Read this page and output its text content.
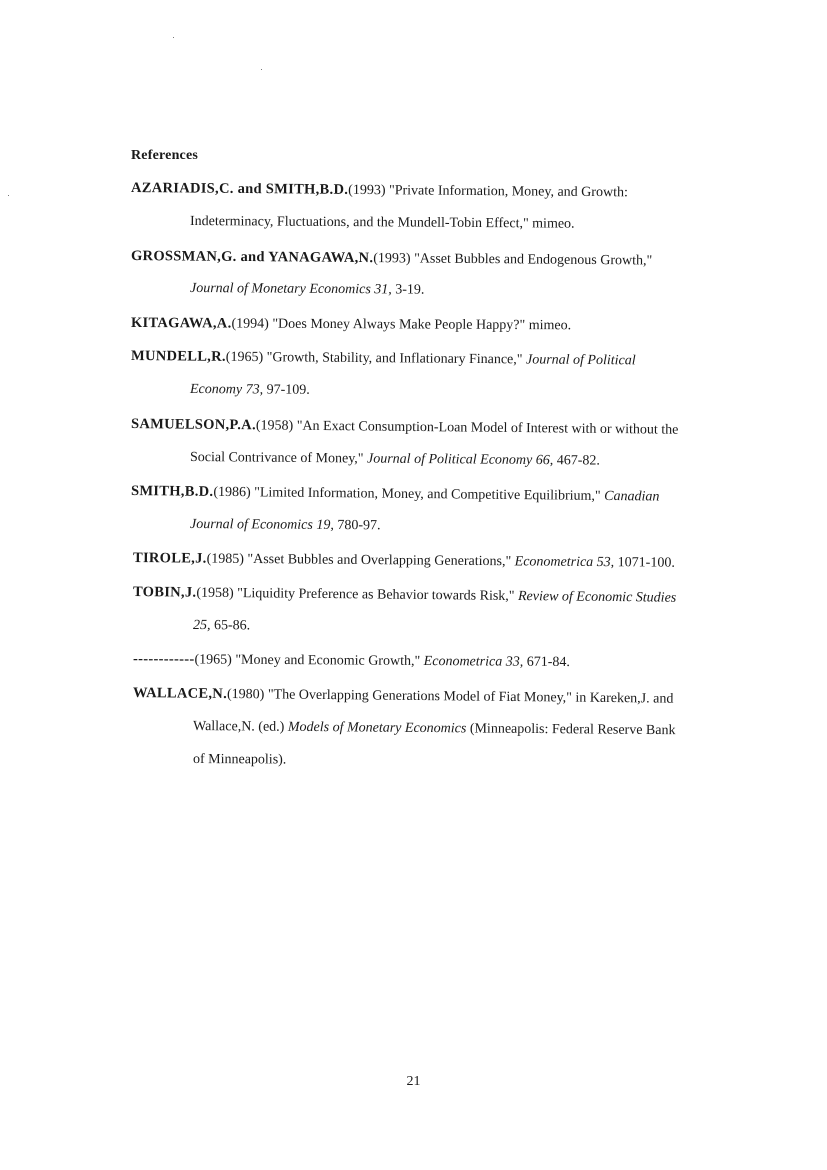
References
AZARIADIS,C. and SMITH,B.D.(1993) "Private Information, Money, and Growth:
Indeterminacy, Fluctuations, and the Mundell-Tobin Effect," mimeo.
GROSSMAN,G. and YANAGAWA,N.(1993) "Asset Bubbles and Endogenous Growth,"
Journal of Monetary Economics 31, 3-19.
KITAGAWA,A.(1994) "Does Money Always Make People Happy?" mimeo.
MUNDELL,R.(1965) "Growth, Stability, and Inflationary Finance," Journal of Political
Economy 73, 97-109.
SAMUELSON,P.A.(1958) "An Exact Consumption-Loan Model of Interest with or without the
Social Contrivance of Money," Journal of Political Economy 66, 467-82.
SMITH,B.D.(1986) "Limited Information, Money, and Competitive Equilibrium," Canadian
Journal of Economics 19, 780-97.
TIROLE,J.(1985) "Asset Bubbles and Overlapping Generations," Econometrica 53, 1071-100.
TOBIN,J.(1958) "Liquidity Preference as Behavior towards Risk," Review of Economic Studies
25, 65-86.
------------(1965) "Money and Economic Growth," Econometrica 33, 671-84.
WALLACE,N.(1980) "The Overlapping Generations Model of Fiat Money," in Kareken,J. and
Wallace,N. (ed.) Models of Monetary Economics (Minneapolis: Federal Reserve Bank
of Minneapolis).
21
